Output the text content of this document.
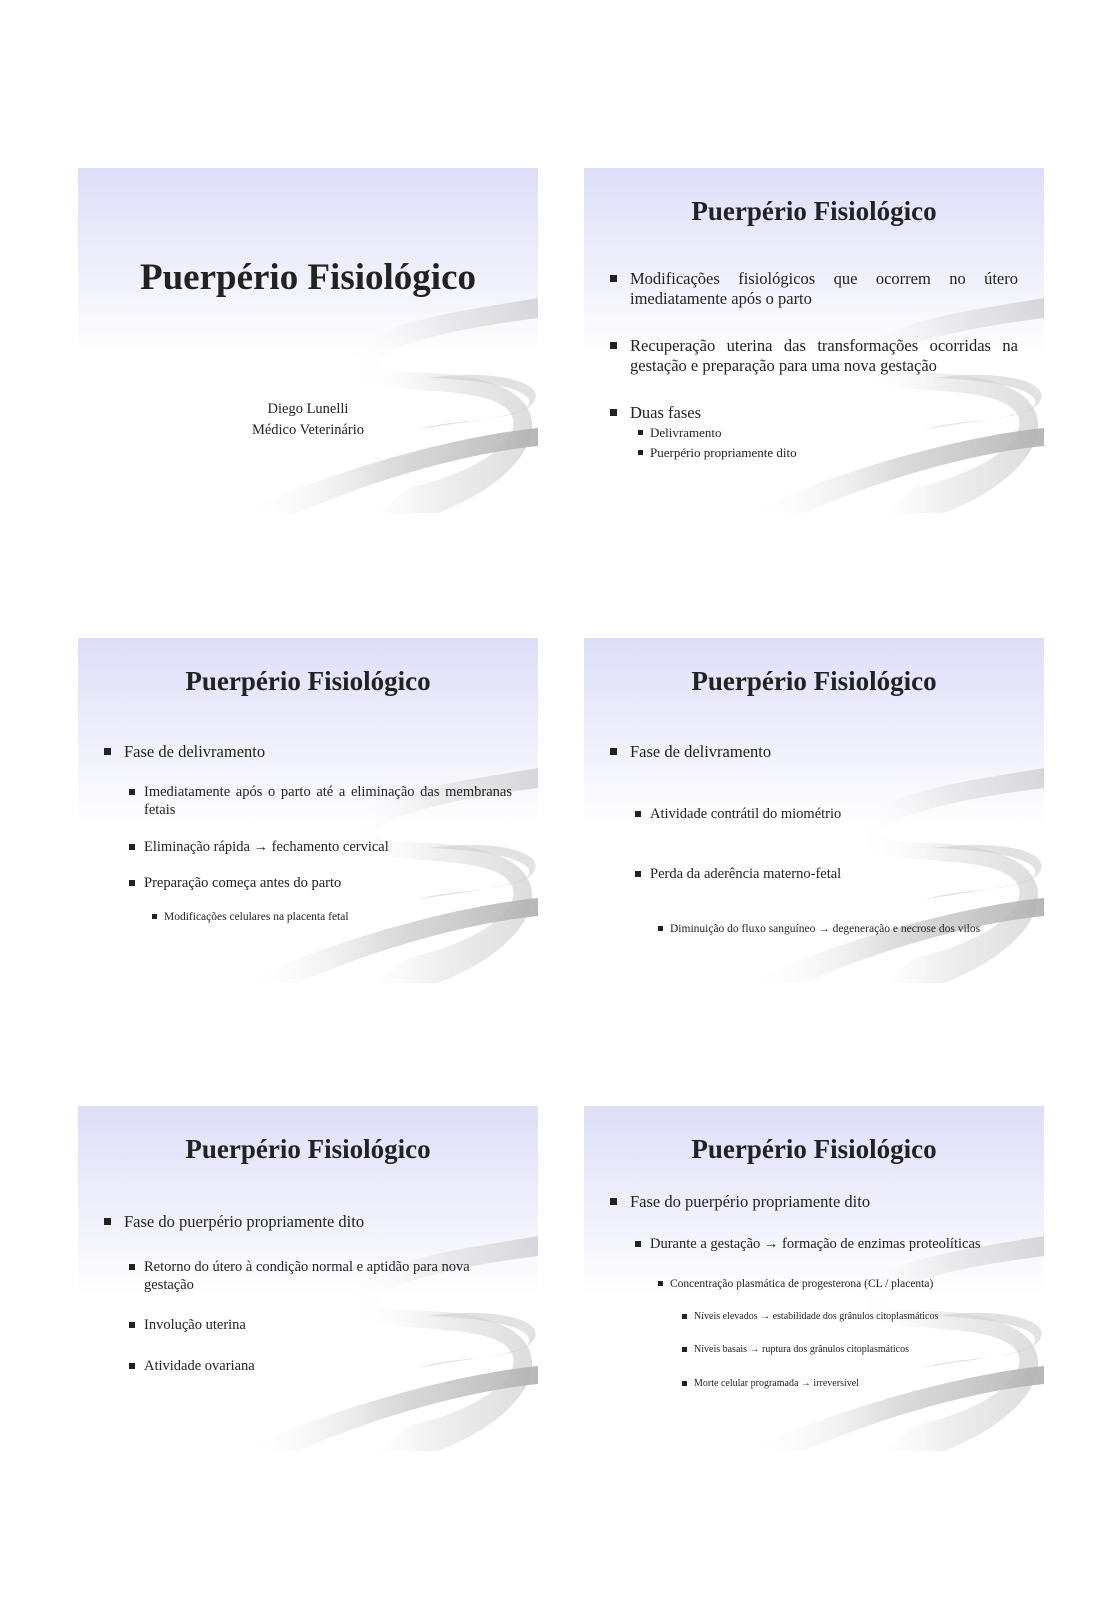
Puerpério Fisiológico
Diego Lunelli
Médico Veterinário
Puerpério Fisiológico
Modificações fisiológicos que ocorrem no útero imediatamente após o parto
Recuperação uterina das transformações ocorridas na gestação e preparação para uma nova gestação
Duas fases
Delivramento
Puerpério propriamente dito
Puerpério Fisiológico
Fase de delivramento
Imediatamente após o parto até a eliminação das membranas fetais
Eliminação rápida → fechamento cervical
Preparação começa antes do parto
Modificações celulares na placenta fetal
Puerpério Fisiológico
Fase de delivramento
Atividade contrátil do miométrio
Perda da aderência materno-fetal
Diminuição do fluxo sanguíneo → degeneração e necrose dos vilos
Puerpério Fisiológico
Fase do puerpério propriamente dito
Retorno do útero à condição normal e aptidão para nova gestação
Involução uterina
Atividade ovariana
Puerpério Fisiológico
Fase do puerpério propriamente dito
Durante a gestação → formação de enzimas proteolíticas
Concentração plasmática de progesterona (CL / placenta)
Níveis elevados → estabilidade dos grânulos citoplasmáticos
Níveis basais → ruptura dos grânulos citoplasmáticos
Morte celular programada → irreversível
